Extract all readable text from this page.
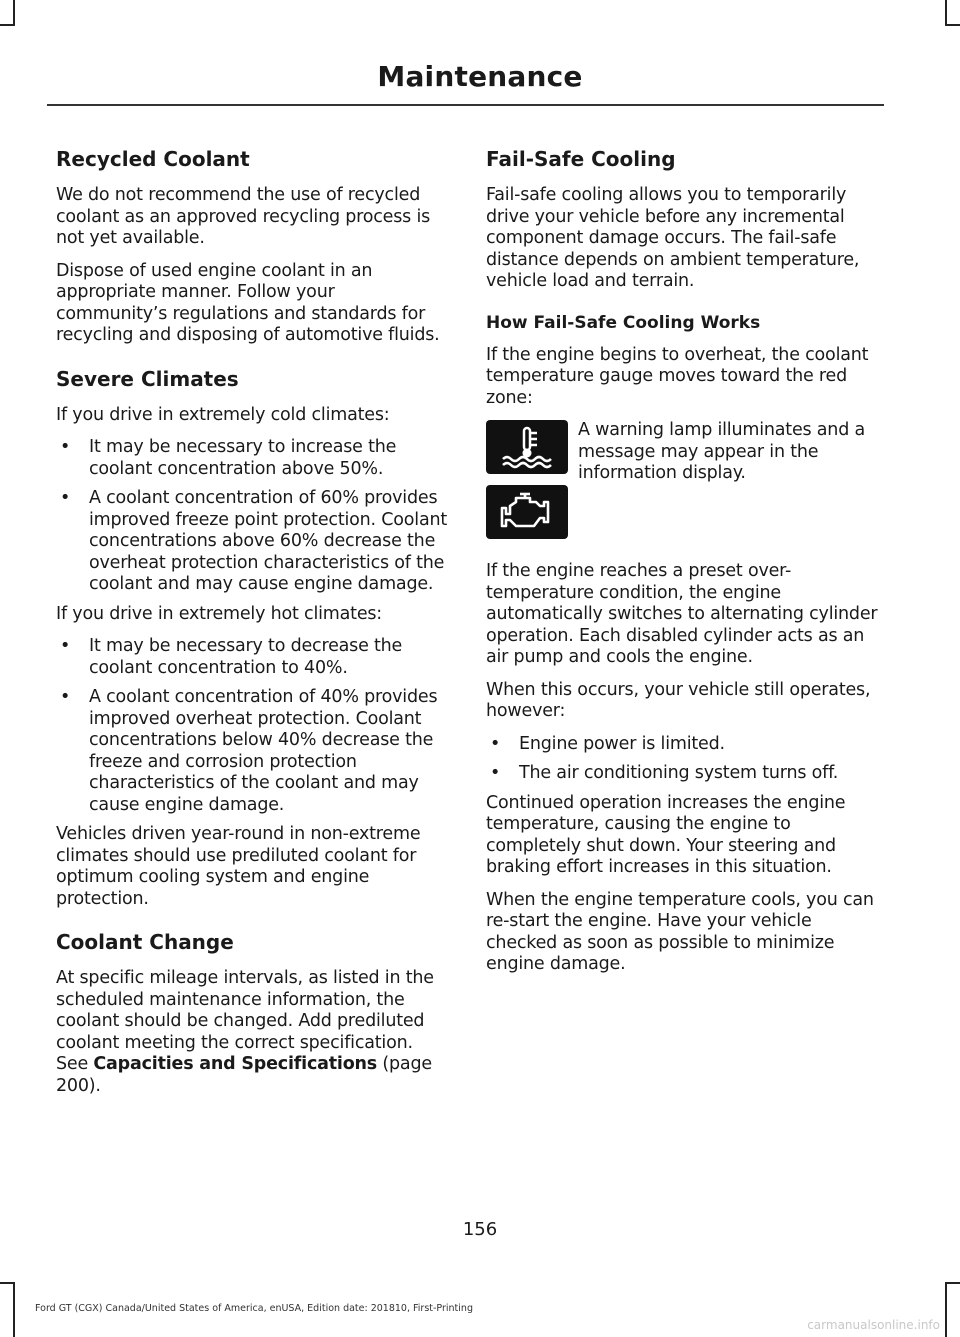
Maintenance
Recycled Coolant

We do not recommend the use of recycled coolant as an approved recycling process is not yet available.

Dispose of used engine coolant in an appropriate manner. Follow your community’s regulations and standards for recycling and disposing of automotive fluids.

Severe Climates

If you drive in extremely cold climates:

• It may be necessary to increase the coolant concentration above 50%.
• A coolant concentration of 60% provides improved freeze point protection. Coolant concentrations above 60% decrease the overheat protection characteristics of the coolant and may cause engine damage.

If you drive in extremely hot climates:

• It may be necessary to decrease the coolant concentration to 40%.
• A coolant concentration of 40% provides improved overheat protection. Coolant concentrations below 40% decrease the freeze and corrosion protection characteristics of the coolant and may cause engine damage.

Vehicles driven year-round in non-extreme climates should use prediluted coolant for optimum cooling system and engine protection.

Coolant Change

At specific mileage intervals, as listed in the scheduled maintenance information, the coolant should be changed. Add prediluted coolant meeting the correct specification. See Capacities and Specifications (page 200).

Fail-Safe Cooling

Fail-safe cooling allows you to temporarily drive your vehicle before any incremental component damage occurs. The fail-safe distance depends on ambient temperature, vehicle load and terrain.

How Fail-Safe Cooling Works

If the engine begins to overheat, the coolant temperature gauge moves toward the red zone:

A warning lamp illuminates and a message may appear in the information display.

If the engine reaches a preset over-temperature condition, the engine automatically switches to alternating cylinder operation. Each disabled cylinder acts as an air pump and cools the engine.

When this occurs, your vehicle still operates, however:

• Engine power is limited.
• The air conditioning system turns off.

Continued operation increases the engine temperature, causing the engine to completely shut down. Your steering and braking effort increases in this situation.

When the engine temperature cools, you can re-start the engine. Have your vehicle checked as soon as possible to minimize engine damage.

156
Ford GT (CGX) Canada/United States of America, enUSA, Edition date: 201810, First-Printing
carmanualsonline.info
